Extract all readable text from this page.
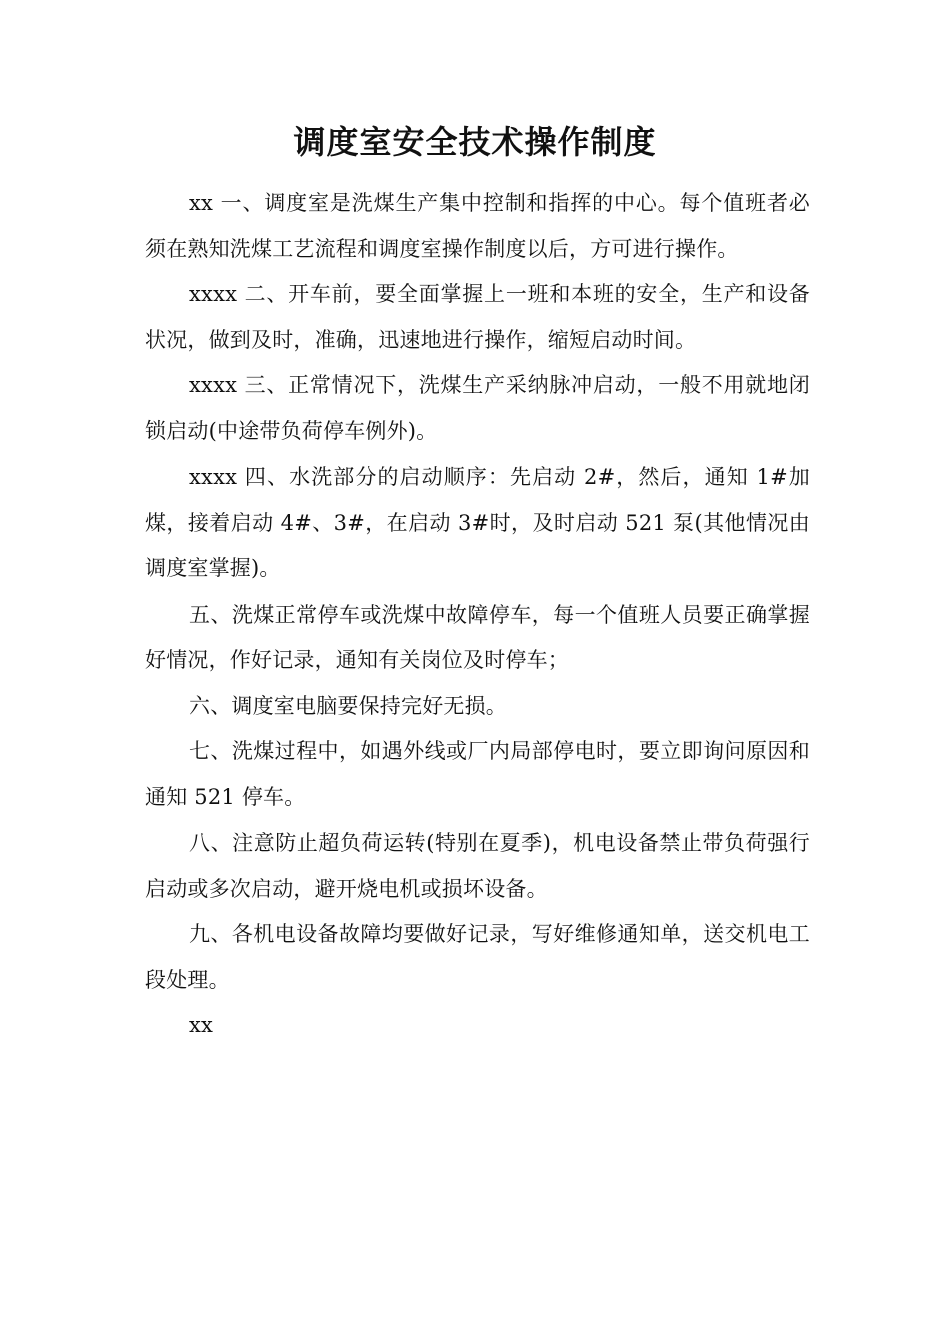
调度室安全技术操作制度

xx 一、调度室是洗煤生产集中控制和指挥的中心。每个值班者必须在熟知洗煤工艺流程和调度室操作制度以后，方可进行操作。

xxxx 二、开车前，要全面掌握上一班和本班的安全，生产和设备状况，做到及时，准确，迅速地进行操作，缩短启动时间。

xxxx 三、正常情况下，洗煤生产采纳脉冲启动，一般不用就地闭锁启动(中途带负荷停车例外)。

xxxx 四、水洗部分的启动顺序：先启动 2#，然后，通知 1#加煤，接着启动 4#、3#，在启动 3#时，及时启动 521 泵(其他情况由调度室掌握)。

五、洗煤正常停车或洗煤中故障停车，每一个值班人员要正确掌握好情况，作好记录，通知有关岗位及时停车；

六、调度室电脑要保持完好无损。

七、洗煤过程中，如遇外线或厂内局部停电时，要立即询问原因和通知 521 停车。

八、注意防止超负荷运转(特别在夏季)，机电设备禁止带负荷强行启动或多次启动，避开烧电机或损坏设备。

九、各机电设备故障均要做好记录，写好维修通知单，送交机电工段处理。

xx
